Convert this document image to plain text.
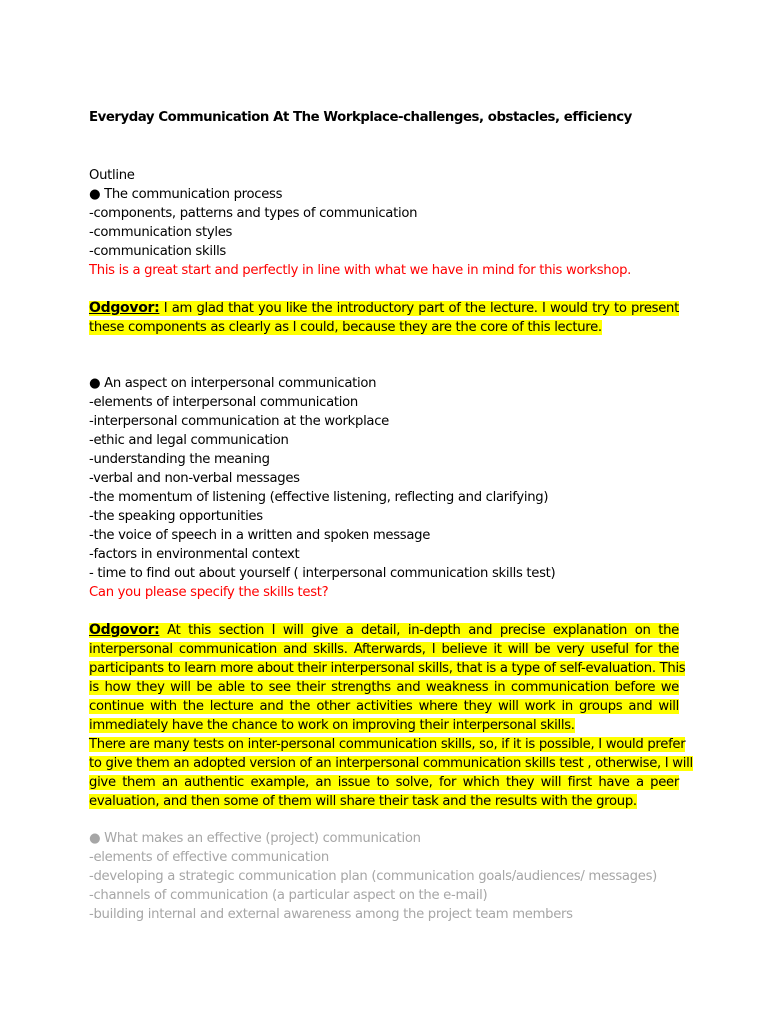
Everyday Communication At The Workplace-challenges, obstacles, efficiency
Outline
● The communication process
-components, patterns and types of communication
-communication styles
-communication skills
This is a great start and perfectly in line with what we have in mind for this workshop.
Odgovor: I am glad that you like the introductory part of the lecture. I would try to present
these components as clearly as I could, because they are the core of this lecture.
● An aspect on interpersonal communication
-elements of interpersonal communication
-interpersonal communication at the workplace
-ethic and legal communication
-understanding the meaning
-verbal and non-verbal messages
-the momentum of listening (effective listening, reflecting and clarifying)
-the speaking opportunities
-the voice of speech in a written and spoken message
-factors in environmental context
- time to find out about yourself ( interpersonal communication skills test)
Can you please specify the skills test?
Odgovor: At this section I will give a detail, in-depth and precise explanation on the
interpersonal communication and skills. Afterwards, I believe it will be very useful for the
participants to learn more about their interpersonal skills, that is a type of self-evaluation. This
is how they will be able to see their strengths and weakness in communication before we
continue with the lecture and the other activities where they will work in groups and will
immediately have the chance to work on improving their interpersonal skills.
There are many tests on inter-personal communication skills, so, if it is possible, I would prefer
to give them an adopted version of an interpersonal communication skills test , otherwise, I will
give them an authentic example, an issue to solve, for which they will first have a peer
evaluation, and then some of them will share their task and the results with the group.
● What makes an effective (project) communication
-elements of effective communication
-developing a strategic communication plan (communication goals/audiences/ messages)
-channels of communication (a particular aspect on the e-mail)
-building internal and external awareness among the project team members
